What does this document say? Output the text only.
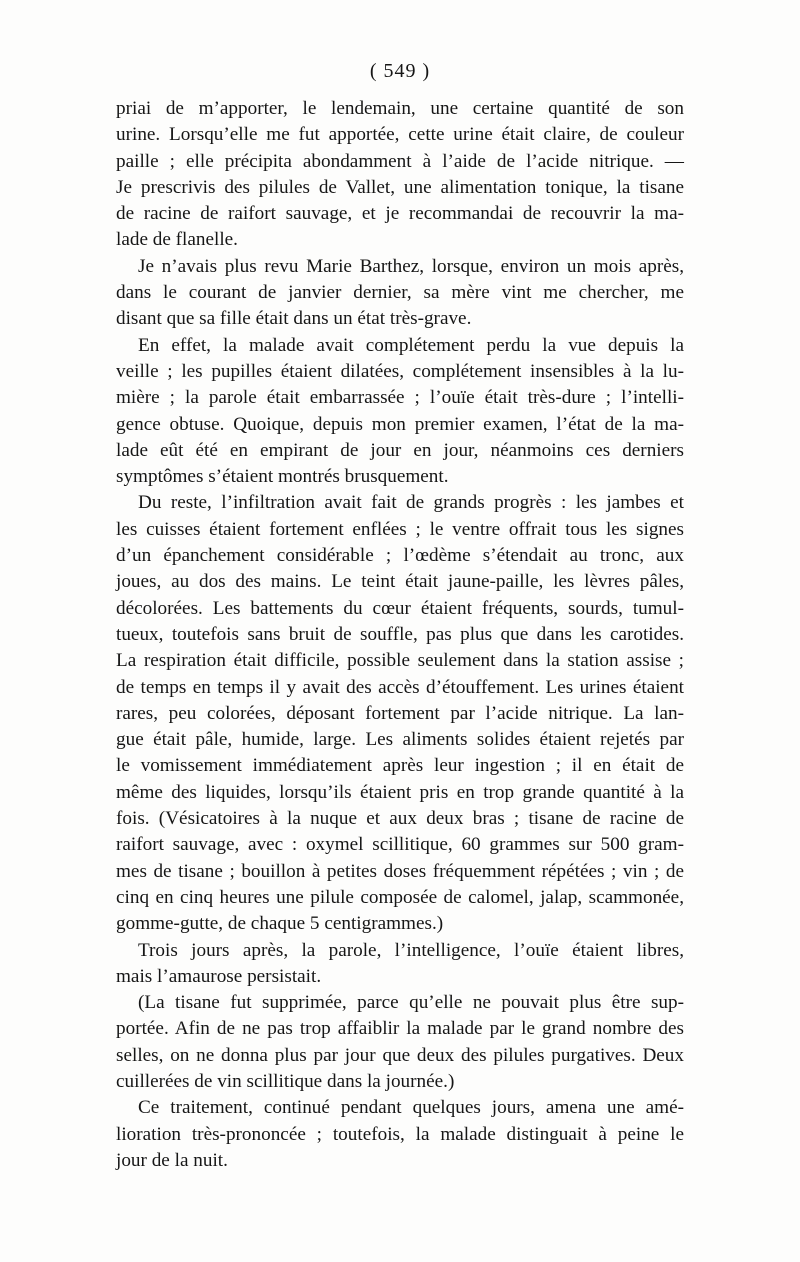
( 549 )
priai de m’apporter, le lendemain, une certaine quantité de son
urine. Lorsqu’elle me fut apportée, cette urine était claire, de couleur
paille ; elle précipita abondamment à l’aide de l’acide nitrique. —
Je prescrivis des pilules de Vallet, une alimentation tonique, la tisane
de racine de raifort sauvage, et je recommandai de recouvrir la ma-
lade de flanelle.
Je n’avais plus revu Marie Barthez, lorsque, environ un mois après,
dans le courant de janvier dernier, sa mère vint me chercher, me
disant que sa fille était dans un état très-grave.
En effet, la malade avait complétement perdu la vue depuis la
veille ; les pupilles étaient dilatées, complétement insensibles à la lu-
mière ; la parole était embarrassée ; l’ouïe était très-dure ; l’intelli-
gence obtuse. Quoique, depuis mon premier examen, l’état de la ma-
lade eût été en empirant de jour en jour, néanmoins ces derniers
symptômes s’étaient montrés brusquement.
Du reste, l’infiltration avait fait de grands progrès : les jambes et
les cuisses étaient fortement enflées ; le ventre offrait tous les signes
d’un épanchement considérable ; l’œdème s’étendait au tronc, aux
joues, au dos des mains. Le teint était jaune-paille, les lèvres pâles,
décolorées. Les battements du cœur étaient fréquents, sourds, tumul-
tueux, toutefois sans bruit de souffle, pas plus que dans les carotides.
La respiration était difficile, possible seulement dans la station assise ;
de temps en temps il y avait des accès d’étouffement. Les urines étaient
rares, peu colorées, déposant fortement par l’acide nitrique. La lan-
gue était pâle, humide, large. Les aliments solides étaient rejetés par
le vomissement immédiatement après leur ingestion ; il en était de
même des liquides, lorsqu’ils étaient pris en trop grande quantité à la
fois. (Vésicatoires à la nuque et aux deux bras ; tisane de racine de
raifort sauvage, avec : oxymel scillitique, 60 grammes sur 500 gram-
mes de tisane ; bouillon à petites doses fréquemment répétées ; vin ; de
cinq en cinq heures une pilule composée de calomel, jalap, scammonée,
gomme-gutte, de chaque 5 centigrammes.)
Trois jours après, la parole, l’intelligence, l’ouïe étaient libres,
mais l’amaurose persistait.
(La tisane fut supprimée, parce qu’elle ne pouvait plus être sup-
portée. Afin de ne pas trop affaiblir la malade par le grand nombre des
selles, on ne donna plus par jour que deux des pilules purgatives. Deux
cuillerées de vin scillitique dans la journée.)
Ce traitement, continué pendant quelques jours, amena une amé-
lioration très-prononcée ; toutefois, la malade distinguait à peine le
jour de la nuit.
